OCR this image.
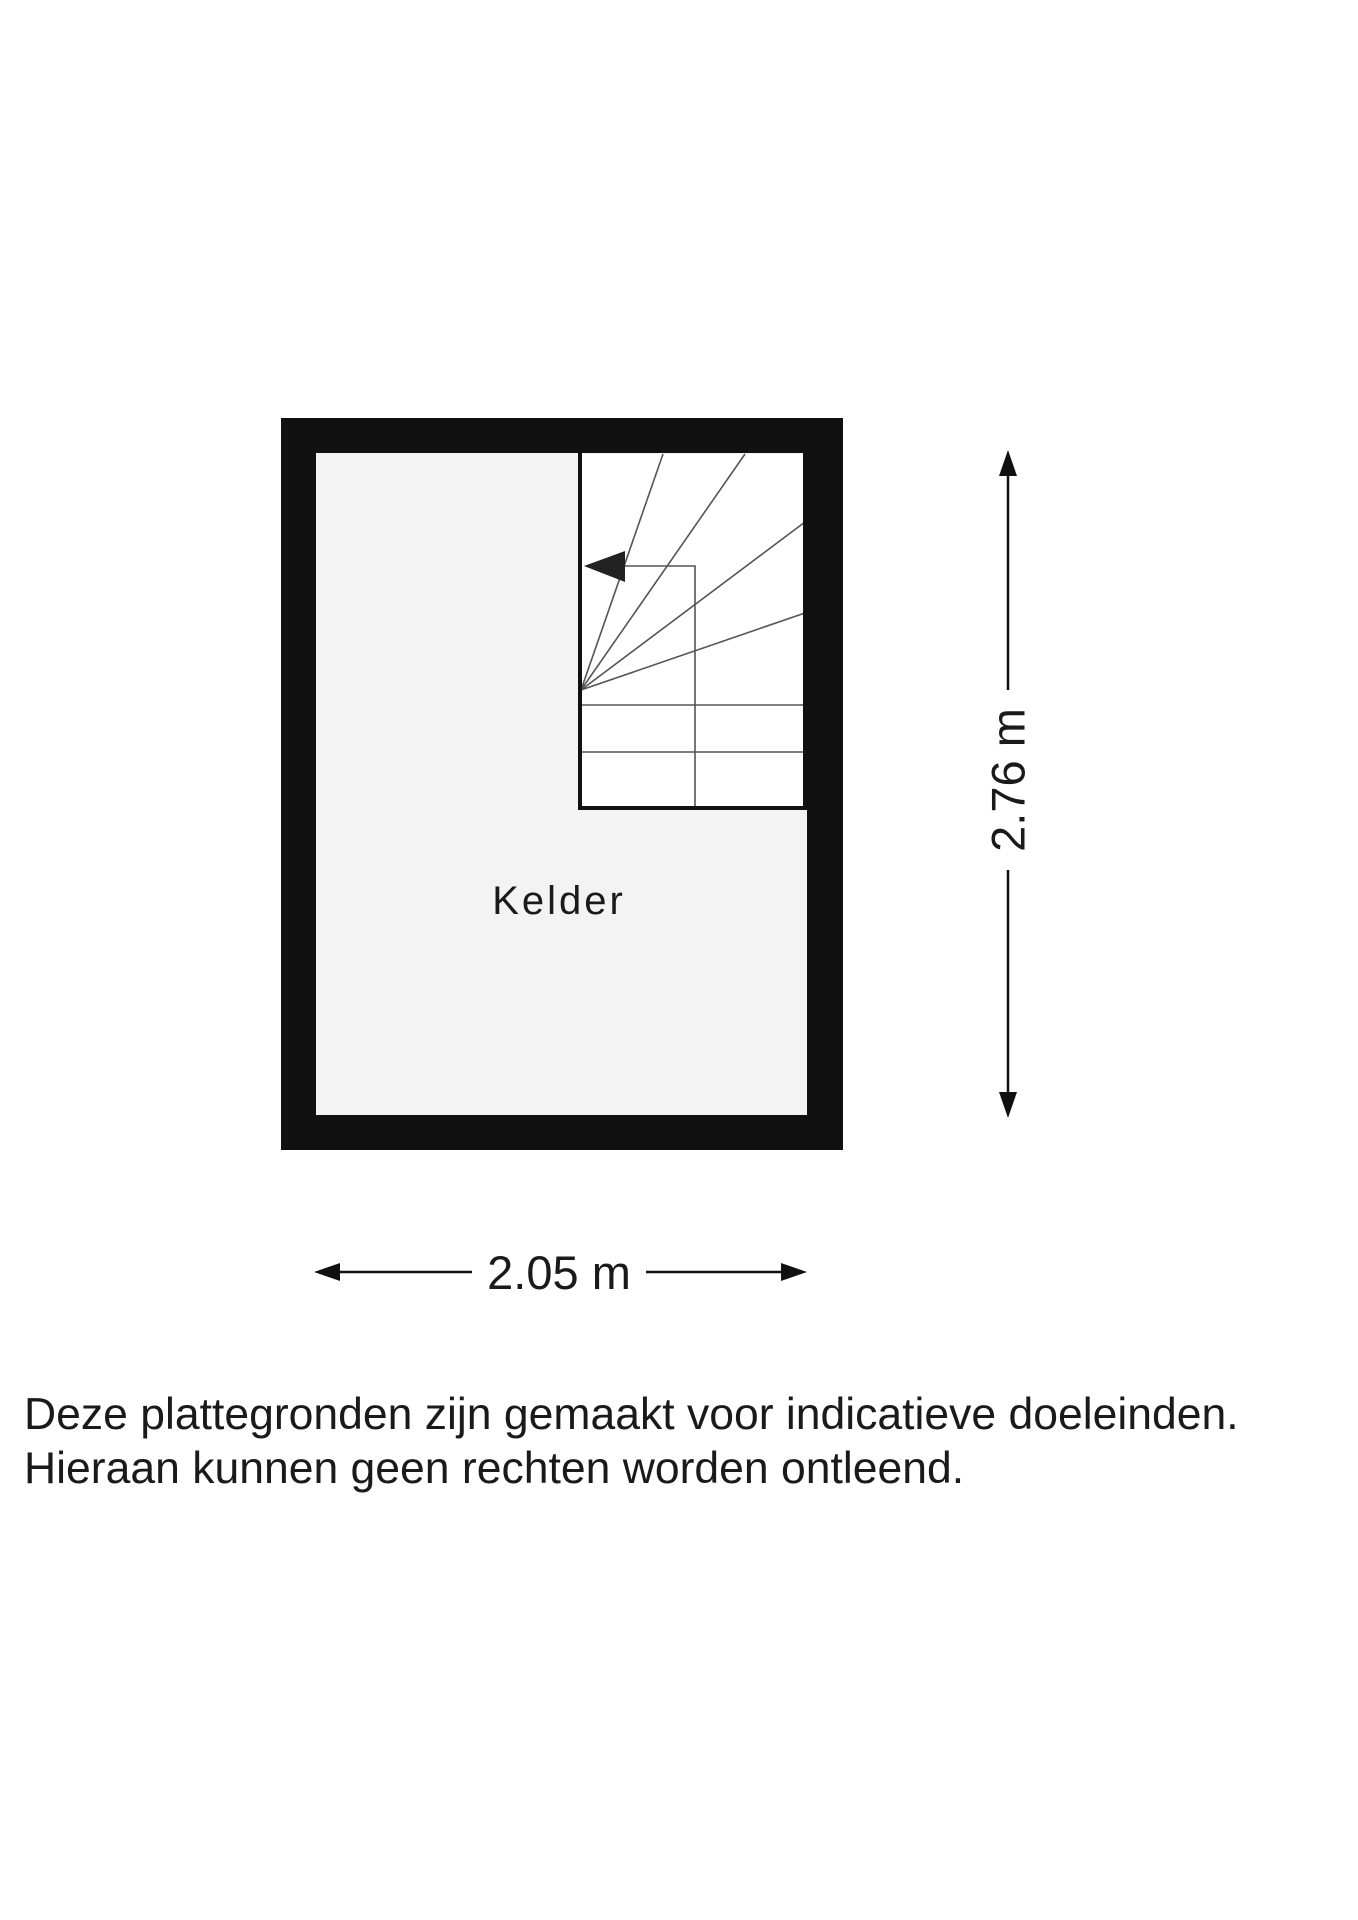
Kelder
2.05 m
2.76 m

Deze plattegronden zijn gemaakt voor indicatieve doeleinden.
Hieraan kunnen geen rechten worden ontleend.
